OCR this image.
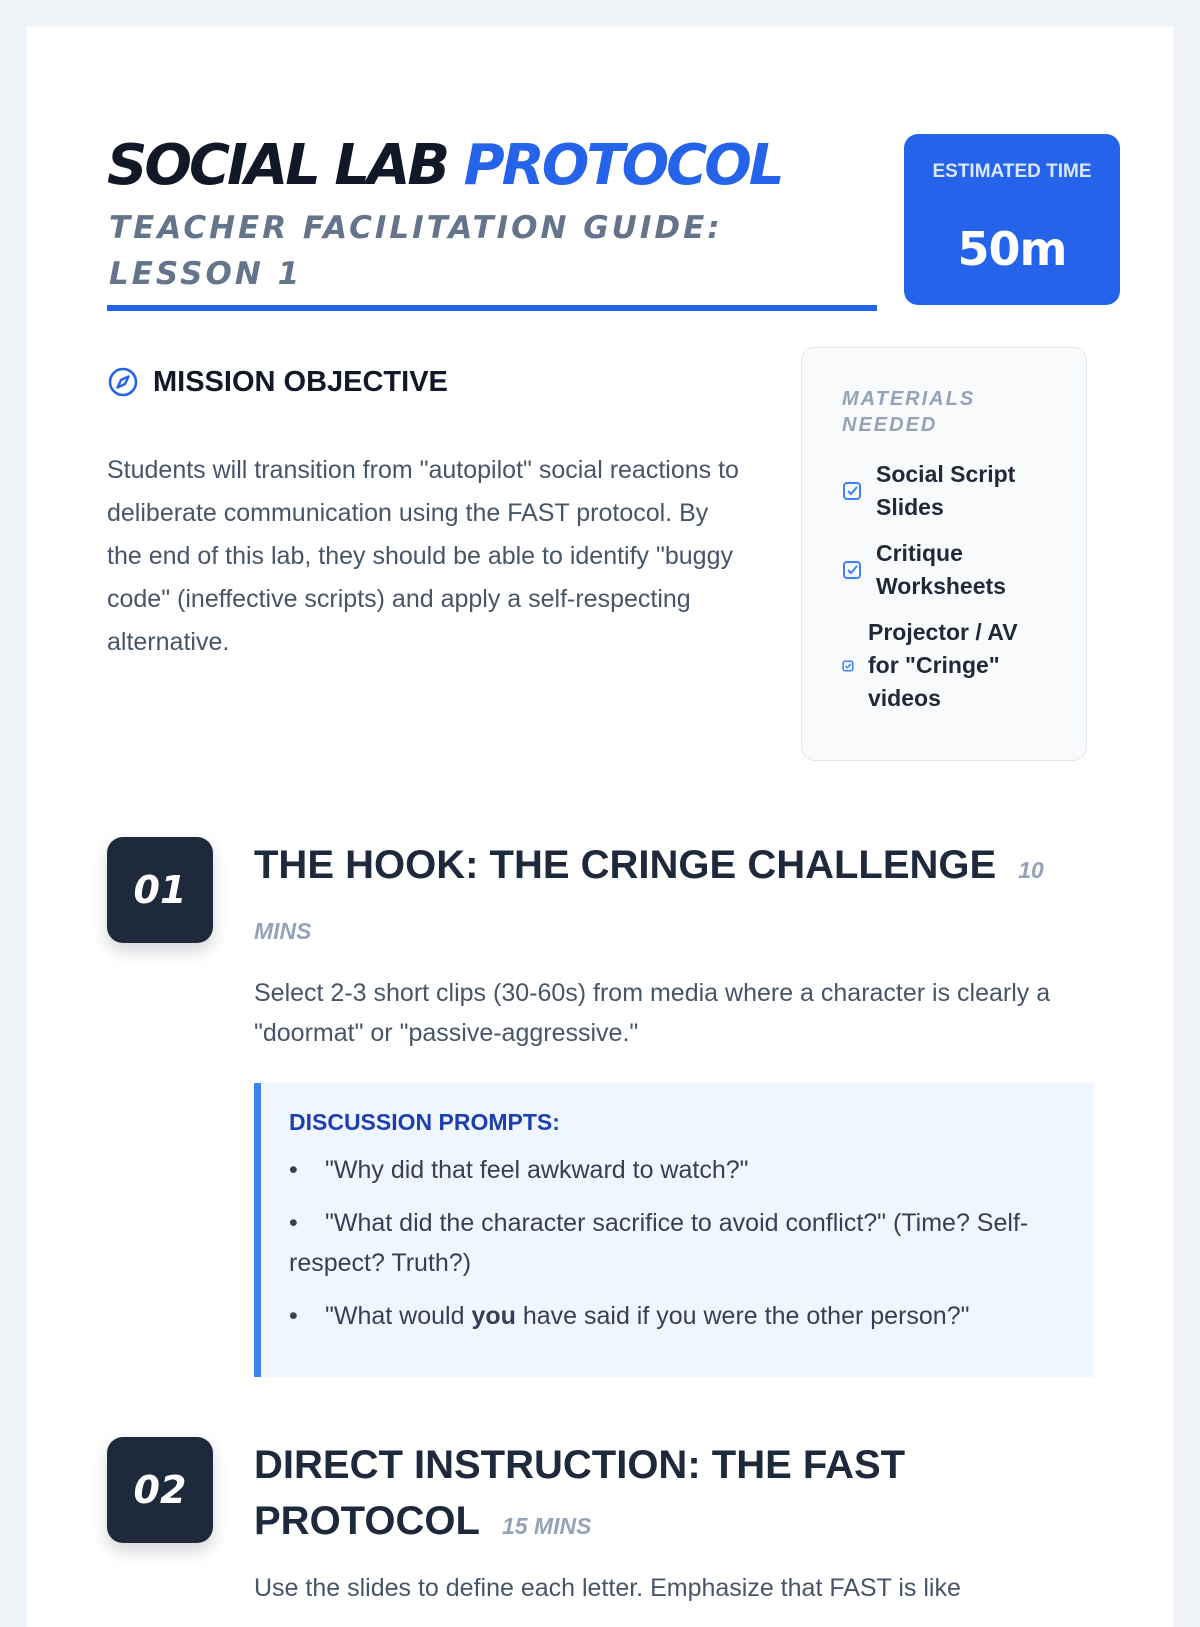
SOCIAL LAB PROTOCOL
TEACHER FACILITATION GUIDE: LESSON 1
ESTIMATED TIME
50m
MISSION OBJECTIVE
Students will transition from "autopilot" social reactions to deliberate communication using the FAST protocol. By the end of this lab, they should be able to identify "buggy code" (ineffective scripts) and apply a self-respecting alternative.
MATERIALS NEEDED
Social Script Slides
Critique Worksheets
Projector / AV for "Cringe" videos
01
THE HOOK: THE CRINGE CHALLENGE 10 MINS
Select 2-3 short clips (30-60s) from media where a character is clearly a "doormat" or "passive-aggressive."
DISCUSSION PROMPTS:
• "Why did that feel awkward to watch?"
• "What did the character sacrifice to avoid conflict?" (Time? Self-respect? Truth?)
• "What would you have said if you were the other person?"
02
DIRECT INSTRUCTION: THE FAST PROTOCOL 15 MINS
Use the slides to define each letter. Emphasize that FAST is like
